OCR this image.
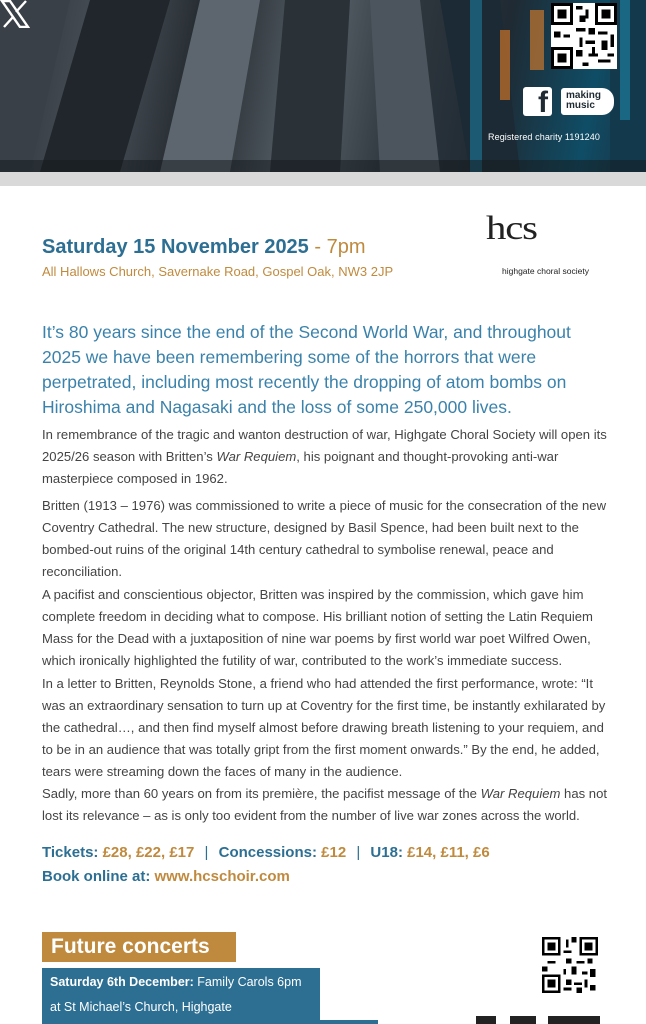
f making
music
Registered charity 1191240
Saturday 15 November 2025 - 7pm
All Hallows Church, Savernake Road, Gospel Oak, NW3 2JP
hcs
highgate choral society

It’s 80 years since the end of the Second World War, and throughout 2025 we have been remembering some of the horrors that were perpetrated, including most recently the dropping of atom bombs on Hiroshima and Nagasaki and the loss of some 250,000 lives.

In remembrance of the tragic and wanton destruction of war, Highgate Choral Society will open its 2025/26 season with Britten’s War Requiem, his poignant and thought-provoking anti-war masterpiece composed in 1962.

Britten (1913 – 1976) was commissioned to write a piece of music for the consecration of the new Coventry Cathedral. The new structure, designed by Basil Spence, had been built next to the bombed-out ruins of the original 14th century cathedral to symbolise renewal, peace and reconciliation.

A pacifist and conscientious objector, Britten was inspired by the commission, which gave him complete freedom in deciding what to compose. His brilliant notion of setting the Latin Requiem Mass for the Dead with a juxtaposition of nine war poems by first world war poet Wilfred Owen, which ironically highlighted the futility of war, contributed to the work’s immediate success.

In a letter to Britten, Reynolds Stone, a friend who had attended the first performance, wrote: “It was an extraordinary sensation to turn up at Coventry for the first time, be instantly exhilarated by the cathedral…, and then find myself almost before drawing breath listening to your requiem, and to be in an audience that was totally gript from the first moment onwards.” By the end, he added, tears were streaming down the faces of many in the audience.

Sadly, more than 60 years on from its première, the pacifist message of the War Requiem has not lost its relevance – as is only too evident from the number of live war zones across the world.

Tickets: £28, £22, £17 | Concessions: £12 | U18: £14, £11, £6
Book online at: www.hcschoir.com
Future concerts
Saturday 6th December: Family Carols 6pm
at St Michael’s Church, Highgate
